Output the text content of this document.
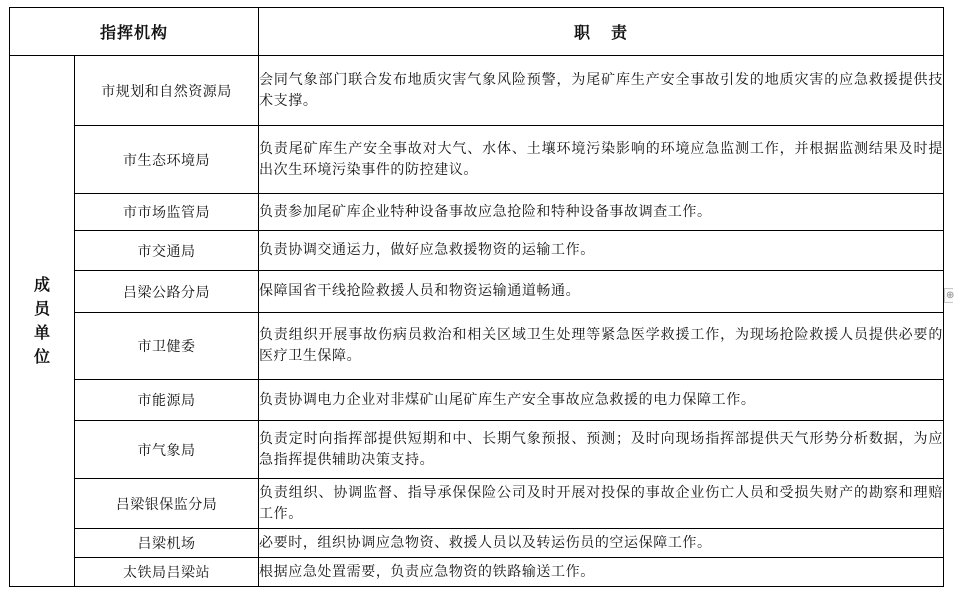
指挥机构		职 责

成
员
单
位	市规划和自然资源局	会同气象部门联合发布地质灾害气象风险预警，为尾矿库生产安全事故引发的地质灾害的应急救援提供技术支撑。
	市生态环境局	负责尾矿库生产安全事故对大气、水体、土壤环境污染影响的环境应急监测工作，并根据监测结果及时提出次生环境污染事件的防控建议。
	市市场监管局	负责参加尾矿库企业特种设备事故应急抢险和特种设备事故调查工作。
	市交通局	负责协调交通运力，做好应急救援物资的运输工作。
	吕梁公路分局	保障国省干线抢险救援人员和物资运输通道畅通。
	市卫健委	负责组织开展事故伤病员救治和相关区域卫生处理等紧急医学救援工作，为现场抢险救援人员提供必要的医疗卫生保障。
	市能源局	负责协调电力企业对非煤矿山尾矿库生产安全事故应急救援的电力保障工作。
	市气象局	负责定时向指挥部提供短期和中、长期气象预报、预测；及时向现场指挥部提供天气形势分析数据，为应急指挥提供辅助决策支持。
	吕梁银保监分局	负责组织、协调监督、指导承保保险公司及时开展对投保的事故企业伤亡人员和受损失财产的勘察和理赔工作。
	吕梁机场	必要时，组织协调应急物资、救援人员以及转运伤员的空运保障工作。
	太铁局吕梁站	根据应急处置需要，负责应急物资的铁路输送工作。
⊕
